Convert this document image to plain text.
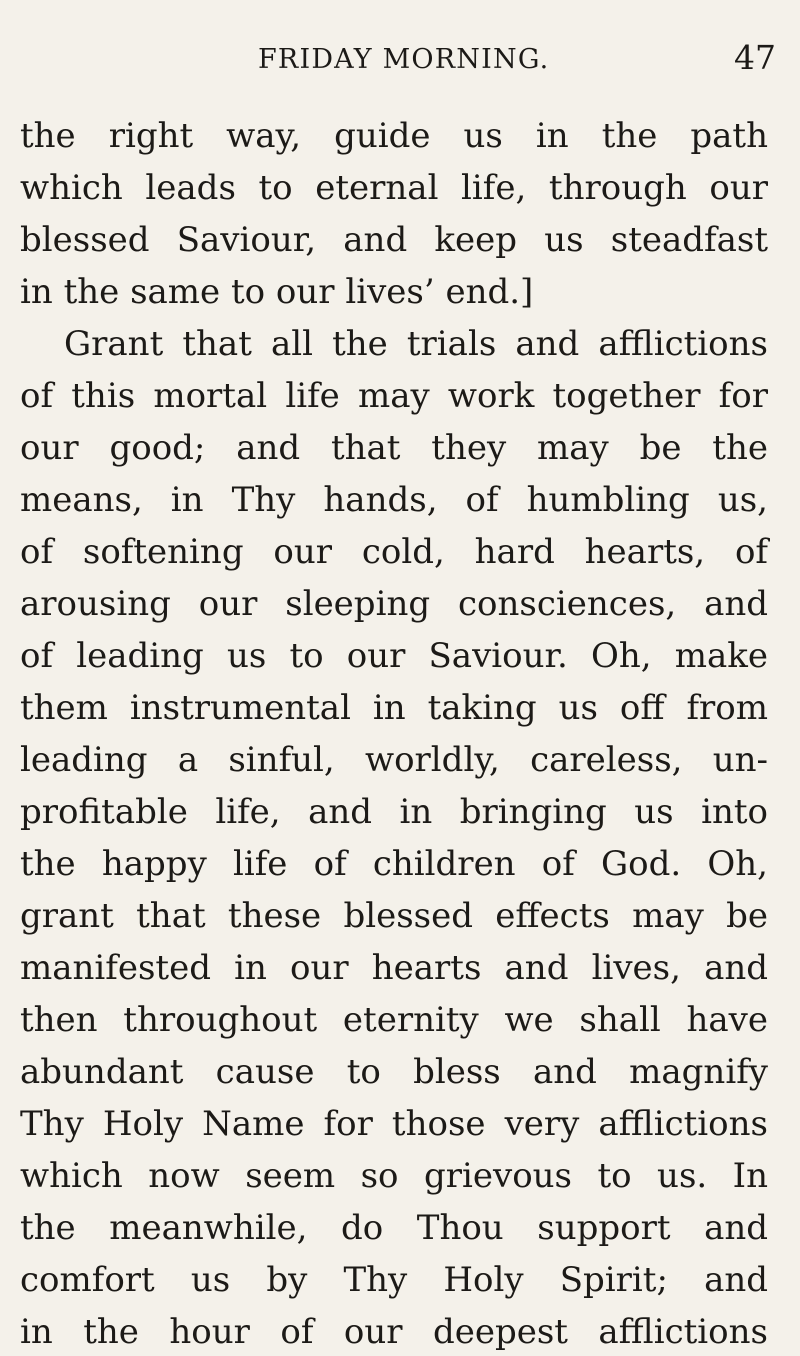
FRIDAY MORNING.	47
the right way, guide us in the path
which leads to eternal life, through our
blessed Saviour, and keep us steadfast
in the same to our lives’ end.]
Grant that all the trials and afflictions
of this mortal life may work together for
our good; and that they may be the
means, in Thy hands, of humbling us,
of softening our cold, hard hearts, of
arousing our sleeping consciences, and
of leading us to our Saviour. Oh, make
them instrumental in taking us off from
leading a sinful, worldly, careless, un-
profitable life, and in bringing us into
the happy life of children of God. Oh,
grant that these blessed effects may be
manifested in our hearts and lives, and
then throughout eternity we shall have
abundant cause to bless and magnify
Thy Holy Name for those very afflictions
which now seem so grievous to us. In
the meanwhile, do Thou support and
comfort us by Thy Holy Spirit; and
in the hour of our deepest afflictions
